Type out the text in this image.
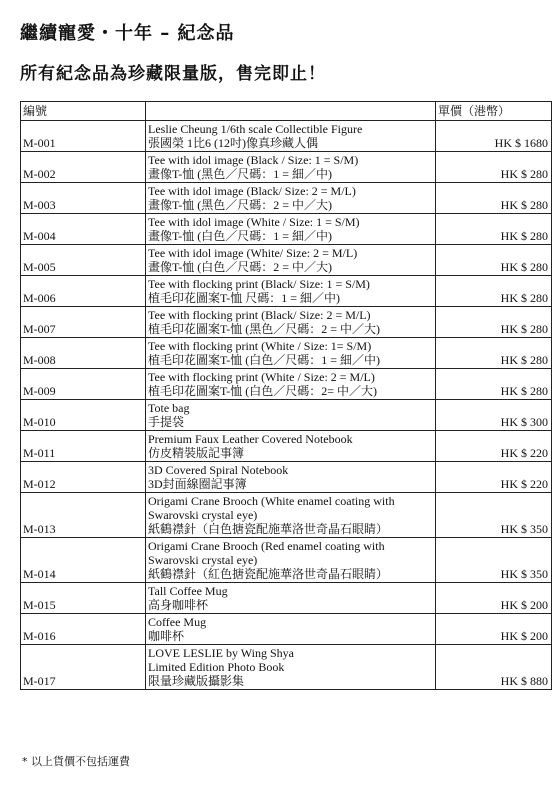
繼續寵愛・十年 – 紀念品
所有紀念品為珍藏限量版，售完即止！
編號		單價（港幣）
M-001	Leslie Cheung 1/6th scale Collectible Figure
張國榮 1比6 (12吋)像真珍藏人偶	HK $ 1680
M-002	Tee with idol image (Black / Size: 1 = S/M)
畫像T-恤 (黑色／尺碼：1 = 細／中)	HK $ 280
M-003	Tee with idol image (Black/ Size: 2 = M/L)
畫像T-恤 (黑色／尺碼：2 = 中／大)	HK $ 280
M-004	Tee with idol image (White / Size: 1 = S/M)
畫像T-恤 (白色／尺碼：1 = 細／中)	HK $ 280
M-005	Tee with idol image (White/ Size: 2 = M/L)
畫像T-恤 (白色／尺碼：2 = 中／大)	HK $ 280
M-006	Tee with flocking print (Black/ Size: 1 = S/M)
植毛印花圖案T-恤 尺碼：1 = 細／中)	HK $ 280
M-007	Tee with flocking print (Black/ Size: 2 = M/L)
植毛印花圖案T-恤 (黑色／尺碼：2 = 中／大)	HK $ 280
M-008	Tee with flocking print (White / Size: 1= S/M)
植毛印花圖案T-恤 (白色／尺碼：1 = 細／中)	HK $ 280
M-009	Tee with flocking print (White / Size: 2 = M/L)
植毛印花圖案T-恤 (白色／尺碼：2= 中／大)	HK $ 280
M-010	Tote bag
手提袋	HK $ 300
M-011	Premium Faux Leather Covered Notebook
仿皮精裝版記事簿	HK $ 220
M-012	3D Covered Spiral Notebook
3D封面線圈記事簿	HK $ 220
M-013	Origami Crane Brooch (White enamel coating with
Swarovski crystal eye)
紙鶴襟針（白色搪瓷配施華洛世奇晶石眼睛）	HK $ 350
M-014	Origami Crane Brooch (Red enamel coating with
Swarovski crystal eye)
紙鶴襟針（紅色搪瓷配施華洛世奇晶石眼睛）	HK $ 350
M-015	Tall Coffee Mug
高身咖啡杯	HK $ 200
M-016	Coffee Mug
咖啡杯	HK $ 200
M-017	LOVE LESLIE by Wing Shya
Limited Edition Photo Book
限量珍藏版攝影集	HK $ 880

* 以上貨價不包括運費
